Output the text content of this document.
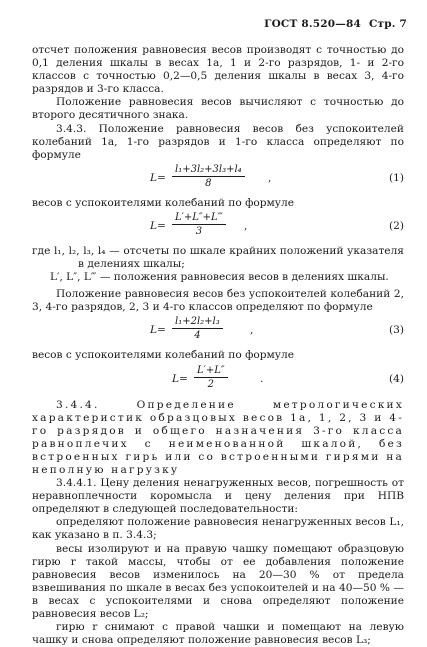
ГОСТ 8.520—84 Стр. 7

отсчет положения равновесия весов производят с точностью до 0,1 деления шкалы в весах 1а, 1 и 2-го разрядов, 1- и 2-го классов с точностью 0,2—0,5 деления шкалы в весах 3, 4-го разрядов и 3-го класса.

Положение равновесия весов вычисляют с точностью до второго десятичного знака.

3.4.3. Положение равновесия весов без успокоителей колебаний 1а, 1-го разрядов и 1-го класса определяют по формуле

$L= \frac{\text{l₁+3l₂+3l₃+l₄}}{8}$ ,	(1)

весов с успокоителями колебаний по формуле

$L= \frac{L'+L''+L‴}{3}$ ,	(2)

где l₁, l₂, l₃, l₄ — отсчеты по шкале крайних положений указателя в делениях шкалы;

L′, L″, L‴ — положения равновесия весов в делениях шкалы.

Положение равновесия весов без успокоителей колебаний 2, 3, 4-го разрядов, 2, 3 и 4-го классов определяют по формуле

$L= \frac{\text{l₁+2l₂+l₃}}{4}$	,	(3)

весов с успокоителями колебаний по формуле

$L= \frac{L'+L''}{2}$	.	(4)

3.4.4. Определение метрологических характеристик образцовых весов 1а, 1, 2, 3 и 4-го разрядов и общего назначения 3-го класса равноплечих с неименованной шкалой, без встроенных гирь или со встроенными гирями на неполную нагрузку

3.4.4.1. Цену деления ненагруженных весов, погрешность от неравноплечности коромысла и цену деления при НПВ определяют в следующей последовательности:

определяют положение равновесия ненагруженных весов L₁, как указано в п. 3.4.3;

весы изолируют и на правую чашку помещают образцовую гирю r такой массы, чтобы от ее добавления положение равновесия весов изменилось на 20—30 % от предела взвешивания по шкале в весах без успокоителей и на 40—50 % — в весах с успокоителями и снова определяют положение равновесия весов L₂;

гирю r снимают с правой чашки и помещают на левую чашку и снова определяют положение равновесия весов L₃;
